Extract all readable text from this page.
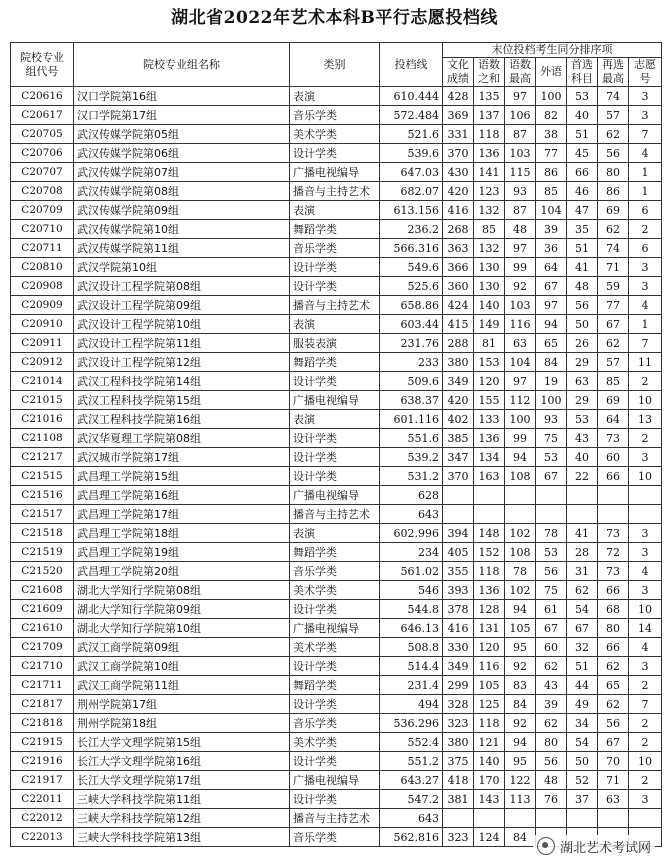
湖北省2022年艺术本科B平行志愿投档线
院校专业组代号	院校专业组名称	类别	投档线	末位投档考生同分排序项						
				文化成绩	语数之和	语数最高	外语	首选科目	再选最高	志愿号
C20616	汉口学院第16组	表演	610.444	428	135	97	100	53	74	3
C20617	汉口学院第17组	音乐学类	572.484	369	137	106	82	40	57	3
C20705	武汉传媒学院第05组	美术学类	521.6	331	118	87	38	51	62	7
C20706	武汉传媒学院第06组	设计学类	539.6	370	136	103	77	45	56	4
C20707	武汉传媒学院第07组	广播电视编导	647.03	430	141	115	86	66	80	1
C20708	武汉传媒学院第08组	播音与主持艺术	682.07	420	123	93	85	46	86	1
C20709	武汉传媒学院第09组	表演	613.156	416	132	87	104	47	69	6
C20710	武汉传媒学院第10组	舞蹈学类	236.2	268	85	48	39	35	62	2
C20711	武汉传媒学院第11组	音乐学类	566.316	363	132	97	36	51	74	6
C20810	武汉学院第10组	设计学类	549.6	366	130	99	64	41	71	3
C20908	武汉设计工程学院第08组	设计学类	525.6	360	130	92	67	48	59	3
C20909	武汉设计工程学院第09组	播音与主持艺术	658.86	424	140	103	97	56	77	4
C20910	武汉设计工程学院第10组	表演	603.44	415	149	116	94	50	67	1
C20911	武汉设计工程学院第11组	服装表演	231.76	288	81	63	65	26	62	7
C20912	武汉设计工程学院第12组	舞蹈学类	233	380	153	104	84	29	57	11
C21014	武汉工程科技学院第14组	设计学类	509.6	349	120	97	19	63	85	2
C21015	武汉工程科技学院第15组	广播电视编导	638.37	420	155	112	100	29	69	10
C21016	武汉工程科技学院第16组	表演	601.116	402	133	100	93	53	64	13
C21108	武汉华夏理工学院第08组	设计学类	551.6	385	136	99	75	43	73	2
C21217	武汉城市学院第17组	设计学类	539.2	347	134	94	53	40	60	3
C21515	武昌理工学院第15组	设计学类	531.2	370	163	108	67	22	66	10
C21516	武昌理工学院第16组	广播电视编导	628							
C21517	武昌理工学院第17组	播音与主持艺术	643							
C21518	武昌理工学院第18组	表演	602.996	394	148	102	78	41	73	3
C21519	武昌理工学院第19组	舞蹈学类	234	405	152	108	53	28	72	3
C21520	武昌理工学院第20组	音乐学类	561.02	355	118	78	56	31	73	4
C21608	湖北大学知行学院第08组	美术学类	546	393	136	102	75	62	66	3
C21609	湖北大学知行学院第09组	设计学类	544.8	378	128	94	61	54	68	10
C21610	湖北大学知行学院第10组	广播电视编导	646.13	416	131	105	67	67	80	14
C21709	武汉工商学院第09组	美术学类	508.8	330	120	95	60	32	66	4
C21710	武汉工商学院第10组	设计学类	514.4	349	116	92	62	51	62	3
C21711	武汉工商学院第11组	舞蹈学类	231.4	299	105	83	43	44	65	2
C21817	荆州学院第17组	设计学类	494	328	125	84	39	49	62	7
C21818	荆州学院第18组	音乐学类	536.296	323	118	92	62	34	56	2
C21915	长江大学文理学院第15组	美术学类	552.4	380	121	94	80	54	67	2
C21916	长江大学文理学院第16组	设计学类	551.2	375	140	95	56	50	70	10
C21917	长江大学文理学院第17组	广播电视编导	643.27	418	170	122	48	52	71	2
C22011	三峡大学科技学院第11组	设计学类	547.2	381	143	113	76	37	63	3
C22012	三峡大学科技学院第12组	播音与主持艺术	643							
C22013	三峡大学科技学院第13组	音乐学类	562.816	323	124	84				

湖北艺术考试网
